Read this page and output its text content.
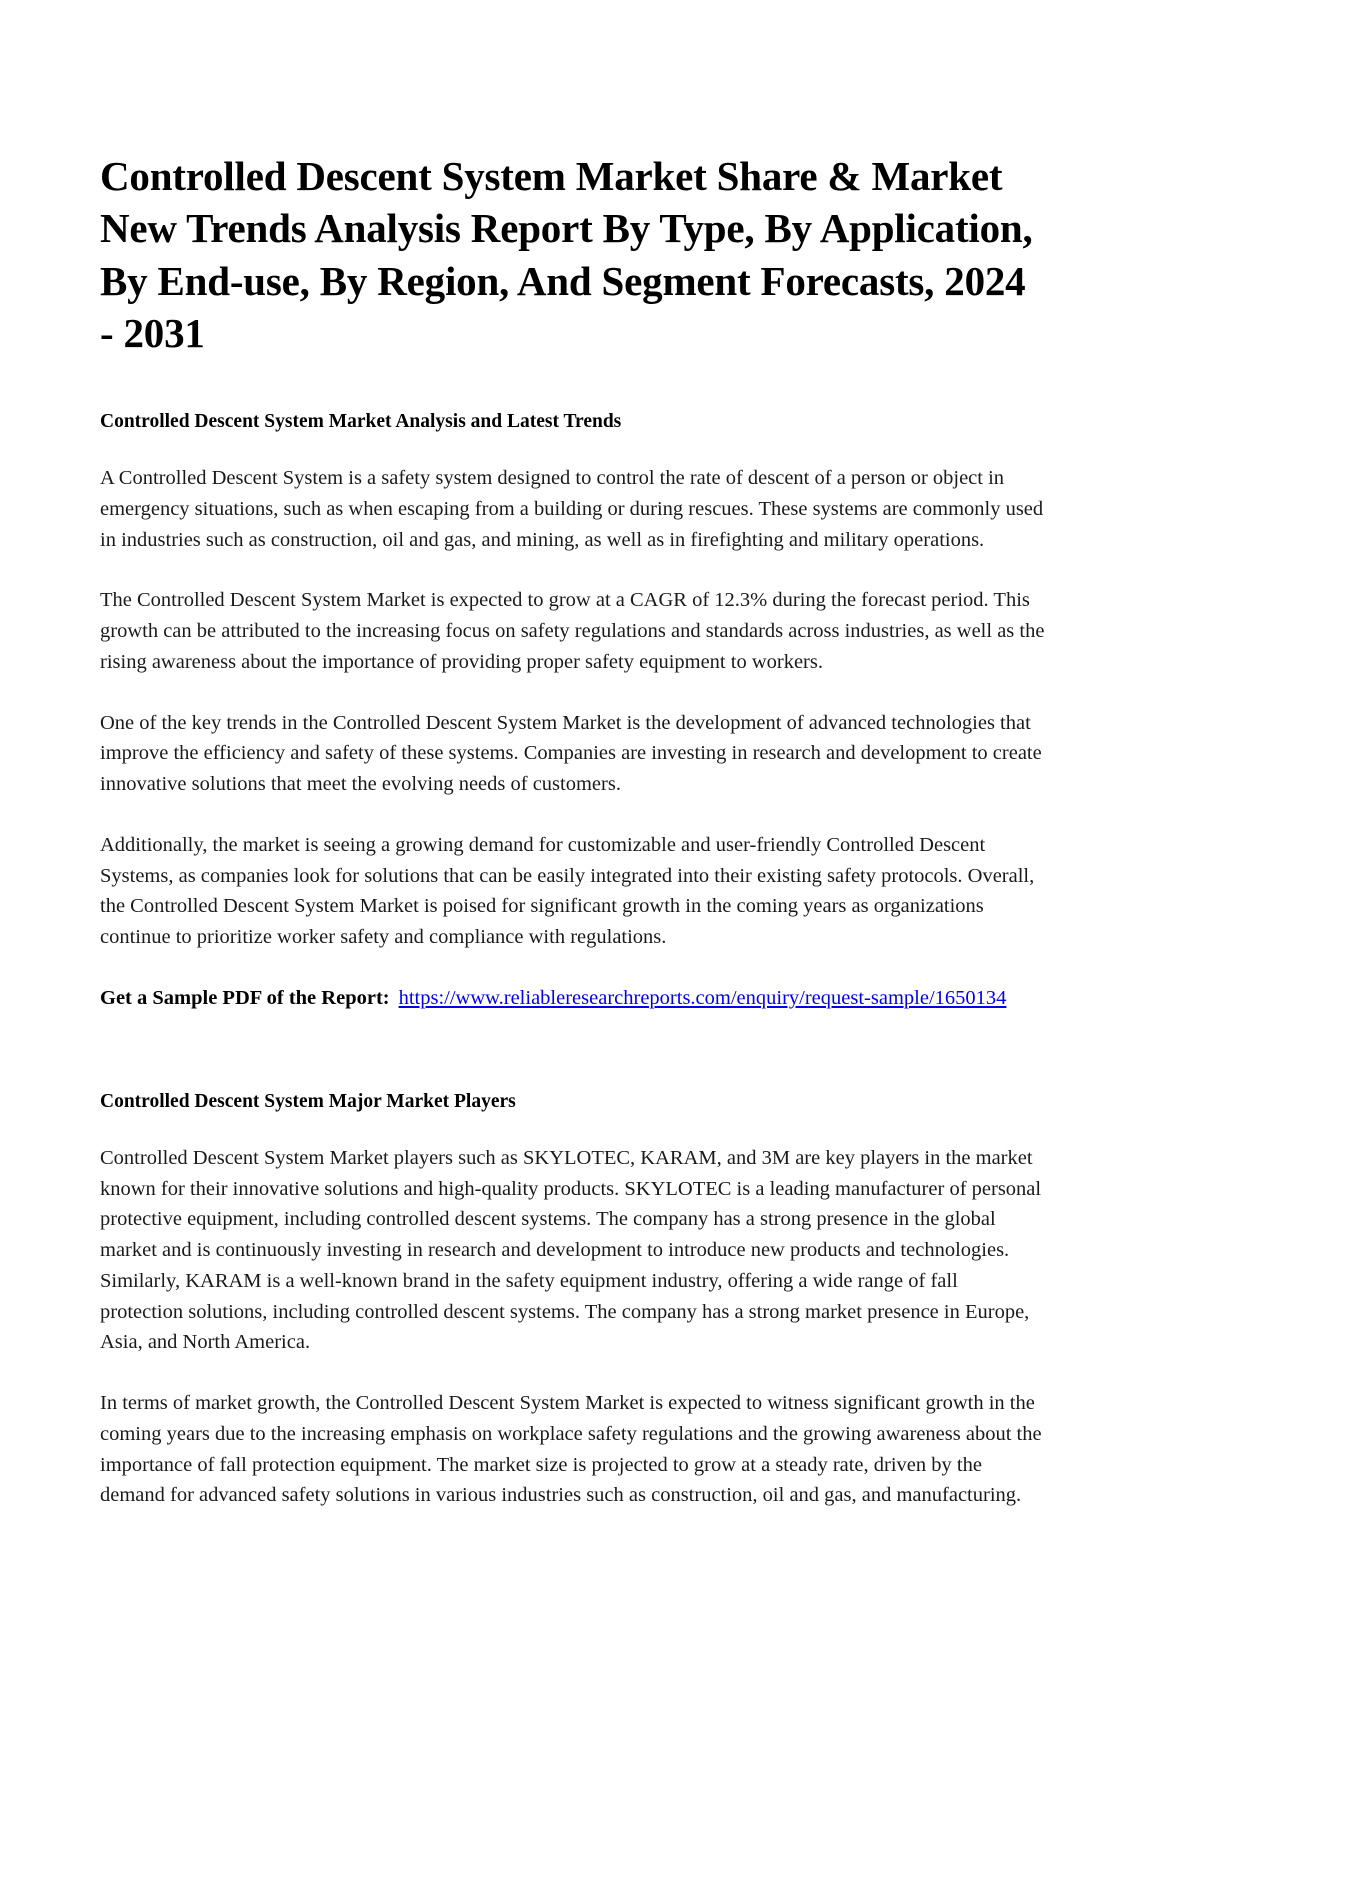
Controlled Descent System Market Share & Market New Trends Analysis Report By Type, By Application, By End-use, By Region, And Segment Forecasts, 2024 - 2031
Controlled Descent System Market Analysis and Latest Trends

A Controlled Descent System is a safety system designed to control the rate of descent of a person or object in emergency situations, such as when escaping from a building or during rescues. These systems are commonly used in industries such as construction, oil and gas, and mining, as well as in firefighting and military operations.

The Controlled Descent System Market is expected to grow at a CAGR of 12.3% during the forecast period. This growth can be attributed to the increasing focus on safety regulations and standards across industries, as well as the rising awareness about the importance of providing proper safety equipment to workers.

One of the key trends in the Controlled Descent System Market is the development of advanced technologies that improve the efficiency and safety of these systems. Companies are investing in research and development to create innovative solutions that meet the evolving needs of customers.

Additionally, the market is seeing a growing demand for customizable and user-friendly Controlled Descent Systems, as companies look for solutions that can be easily integrated into their existing safety protocols. Overall, the Controlled Descent System Market is poised for significant growth in the coming years as organizations continue to prioritize worker safety and compliance with regulations.

Get a Sample PDF of the Report: https://www.reliableresearchreports.com/enquiry/request-sample/1650134

Controlled Descent System Major Market Players

Controlled Descent System Market players such as SKYLOTEC, KARAM, and 3M are key players in the market known for their innovative solutions and high-quality products. SKYLOTEC is a leading manufacturer of personal protective equipment, including controlled descent systems. The company has a strong presence in the global market and is continuously investing in research and development to introduce new products and technologies. Similarly, KARAM is a well-known brand in the safety equipment industry, offering a wide range of fall protection solutions, including controlled descent systems. The company has a strong market presence in Europe, Asia, and North America.

In terms of market growth, the Controlled Descent System Market is expected to witness significant growth in the coming years due to the increasing emphasis on workplace safety regulations and the growing awareness about the importance of fall protection equipment. The market size is projected to grow at a steady rate, driven by the demand for advanced safety solutions in various industries such as construction, oil and gas, and manufacturing.
